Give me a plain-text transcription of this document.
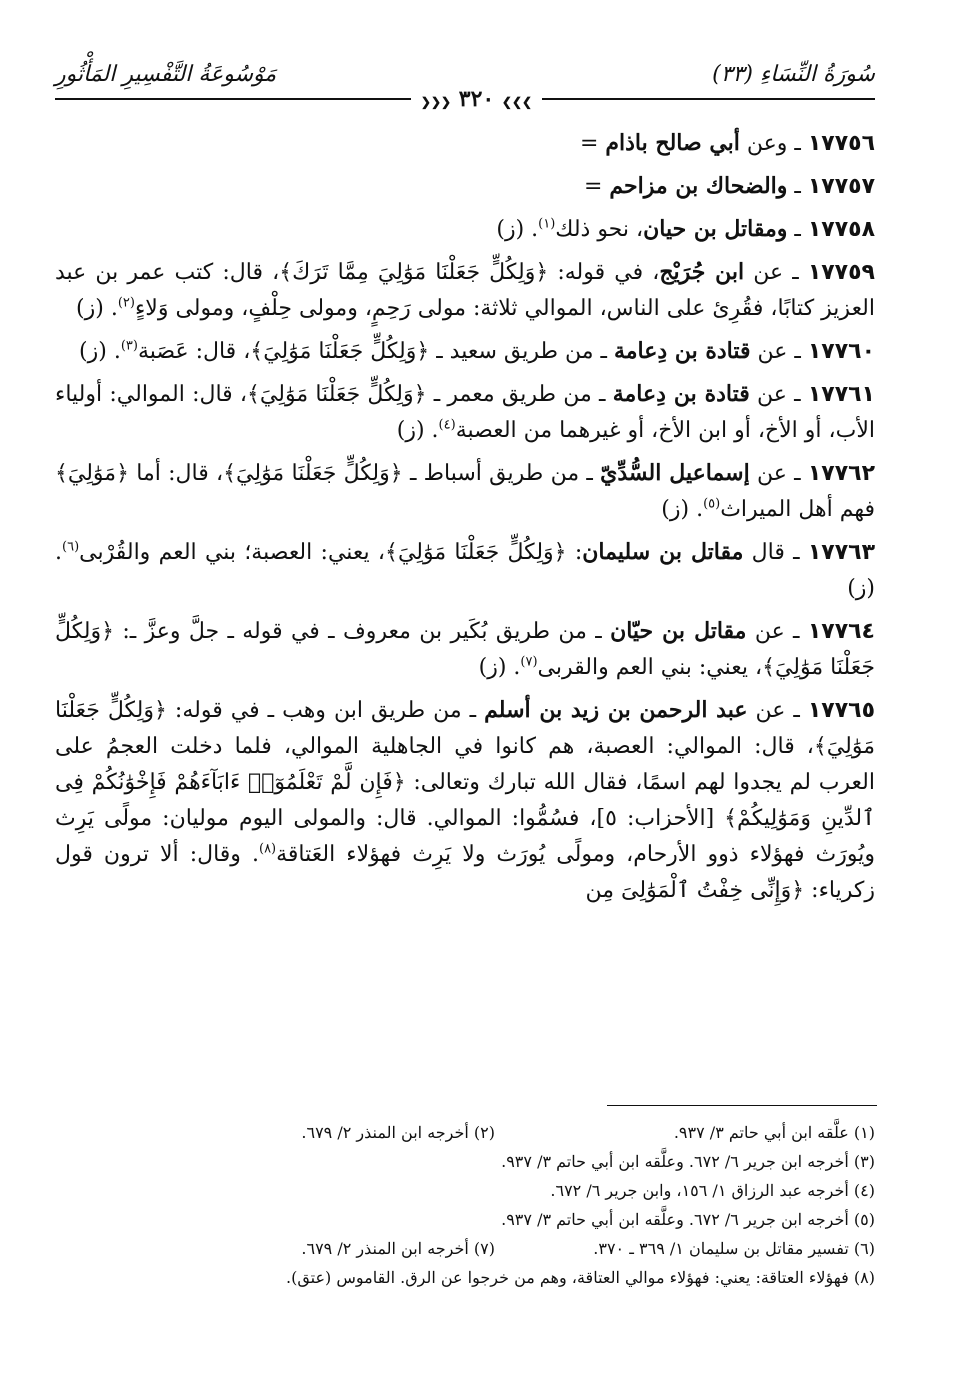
سُورَةُ النِّسَاءِ (٣٣)
مَوْسُوعَةُ التَّفْسِيرِ المَأْثُورِ
❯❯❯ ٣٢٠ ❮❮❮
١٧٧٥٦ ـ وعن أبي صالح باذام =
١٧٧٥٧ ـ والضحاك بن مزاحم =
١٧٧٥٨ ـ ومقاتل بن حيان، نحو ذلك$^{(١)}$. (ز)
١٧٧٥٩ ـ عن ابن جُرَيْج، في قوله: ﴿وَلِكُلٍّ جَعَلْنَا مَوَٰلِيَ مِمَّا تَرَكَ﴾، قال: كتب عمر بن عبد العزيز كتابًا، فقُرِئ على الناس، الموالي ثلاثة: مولى رَحِمٍ، ومولى حِلْفٍ، ومولى وَلاءٍ$^{(٢)}$. (ز)
١٧٧٦٠ ـ عن قتادة بن دِعامة ـ من طريق سعيد ـ ﴿وَلِكُلٍّ جَعَلْنَا مَوَٰلِيَ﴾، قال: عَصَبة$^{(٣)}$. (ز)
١٧٧٦١ ـ عن قتادة بن دِعامة ـ من طريق معمر ـ ﴿وَلِكُلٍّ جَعَلْنَا مَوَٰلِيَ﴾، قال: الموالي: أولياء الأب، أو الأخ، أو ابن الأخ، أو غيرهما من العصبة$^{(٤)}$. (ز)
١٧٧٦٢ ـ عن إسماعيل السُّدِّيّ ـ من طريق أسباط ـ ﴿وَلِكُلٍّ جَعَلْنَا مَوَٰلِيَ﴾، قال: أما ﴿مَوَٰلِيَ﴾ فهم أهل الميراث$^{(٥)}$. (ز)
١٧٧٦٣ ـ قال مقاتل بن سليمان: ﴿وَلِكُلٍّ جَعَلْنَا مَوَٰلِيَ﴾، يعني: العصبة؛ بني العم والقُرْبى$^{(٦)}$. (ز)
١٧٧٦٤ ـ عن مقاتل بن حيّان ـ من طريق بُكَير بن معروف ـ في قوله ـ جلَّ وعزَّ ـ: ﴿وَلِكُلٍّ جَعَلْنَا مَوَٰلِيَ﴾، يعني: بني العم والقربى$^{(٧)}$. (ز)
١٧٧٦٥ ـ عن عبد الرحمن بن زيد بن أسلم ـ من طريق ابن وهب ـ في قوله: ﴿وَلِكُلٍّ جَعَلْنَا مَوَٰلِيَ﴾، قال: الموالي: العصبة، هم كانوا في الجاهلية الموالي، فلما دخلت العجمُ على العرب لم يجدوا لهم اسمًا، فقال الله تبارك وتعالى: ﴿فَإِن لَّمْ تَعْلَمُوٓا۟ ءَابَآءَهُمْ فَإِخْوَٰنُكُمْ فِى ٱلدِّينِ وَمَوَٰلِيكُمْ﴾ [الأحزاب: ٥]، فسُمُّوا: الموالي. قال: والمولى اليوم موليان: مولًى يَرِث ويُورَث فهؤلاء ذوو الأرحام، ومولًى يُورَث ولا يَرِث فهؤلاء العَتاقة$^{(٨)}$. وقال: ألا ترون قول زكرياء: ﴿وَإِنِّى خِفْتُ ٱلْمَوَٰلِىَ مِن
(١) علَّقه ابن أبي حاتم ٣/ ٩٣٧.
(٢) أخرجه ابن المنذر ٢/ ٦٧٩.
(٣) أخرجه ابن جرير ٦/ ٦٧٢. وعلَّقه ابن أبي حاتم ٣/ ٩٣٧.
(٤) أخرجه عبد الرزاق ١/ ١٥٦، وابن جرير ٦/ ٦٧٢.
(٥) أخرجه ابن جرير ٦/ ٦٧٢. وعلَّقه ابن أبي حاتم ٣/ ٩٣٧.
(٦) تفسير مقاتل بن سليمان ١/ ٣٦٩ ـ ٣٧٠.
(٧) أخرجه ابن المنذر ٢/ ٦٧٩.
(٨) فهؤلاء العتاقة: يعني: فهؤلاء موالي العتاقة، وهم من خرجوا عن الرق. القاموس (عتق).
